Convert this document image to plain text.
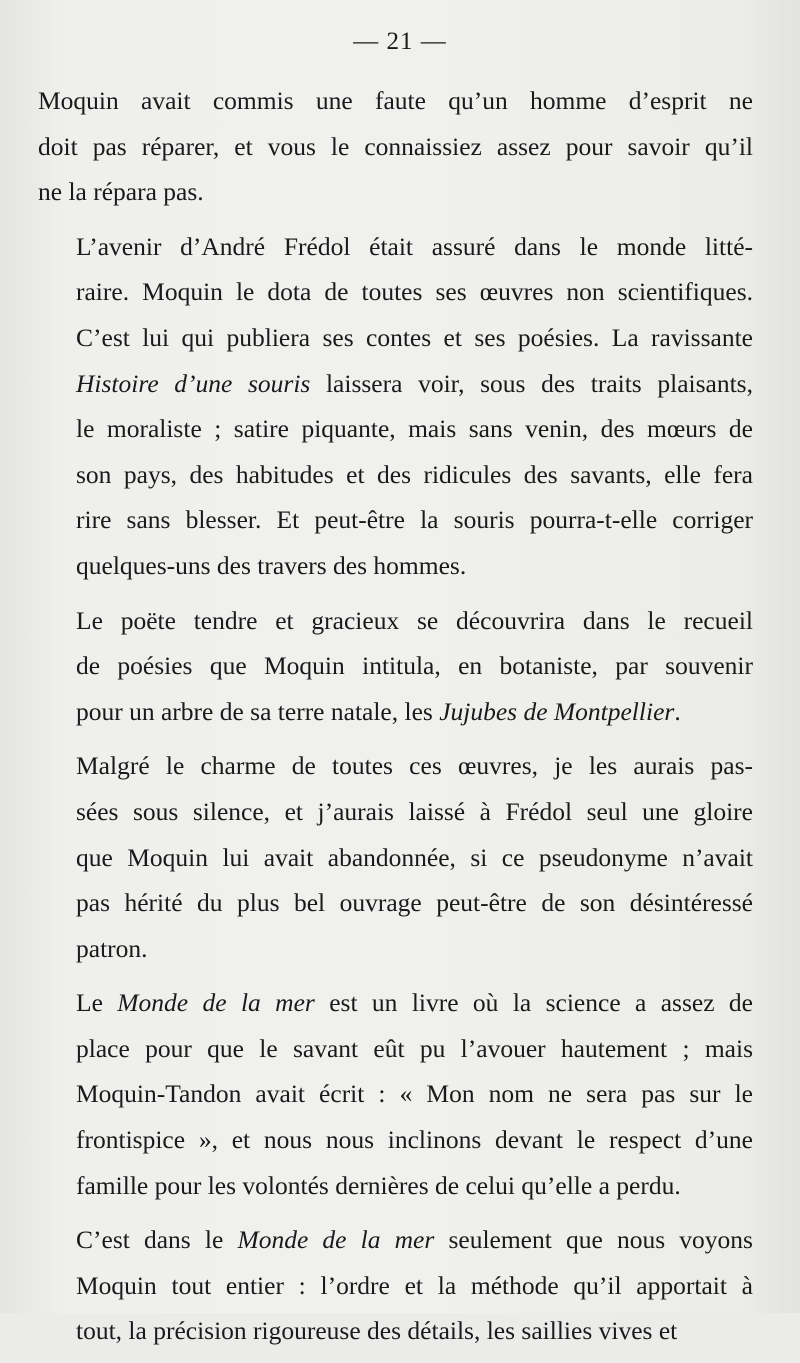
— 21 —
Moquin avait commis une faute qu’un homme d’esprit ne
doit pas réparer, et vous le connaissiez assez pour savoir qu’il
ne la répara pas.
L’avenir d’André Frédol était assuré dans le monde litté-
raire. Moquin le dota de toutes ses œuvres non scientifiques.
C’est lui qui publiera ses contes et ses poésies. La ravissante
Histoire d’une souris laissera voir, sous des traits plaisants,
le moraliste ; satire piquante, mais sans venin, des mœurs de
son pays, des habitudes et des ridicules des savants, elle fera
rire sans blesser. Et peut-être la souris pourra-t-elle corriger
quelques-uns des travers des hommes.
Le poëte tendre et gracieux se découvrira dans le recueil
de poésies que Moquin intitula, en botaniste, par souvenir
pour un arbre de sa terre natale, les Jujubes de Montpellier.
Malgré le charme de toutes ces œuvres, je les aurais pas-
sées sous silence, et j’aurais laissé à Frédol seul une gloire
que Moquin lui avait abandonnée, si ce pseudonyme n’avait
pas hérité du plus bel ouvrage peut-être de son désintéressé
patron.
Le Monde de la mer est un livre où la science a assez de
place pour que le savant eût pu l’avouer hautement ; mais
Moquin-Tandon avait écrit : « Mon nom ne sera pas sur le
frontispice », et nous nous inclinons devant le respect d’une
famille pour les volontés dernières de celui qu’elle a perdu.
C’est dans le Monde de la mer seulement que nous voyons
Moquin tout entier : l’ordre et la méthode qu’il apportait à
tout, la précision rigoureuse des détails, les saillies vives et
